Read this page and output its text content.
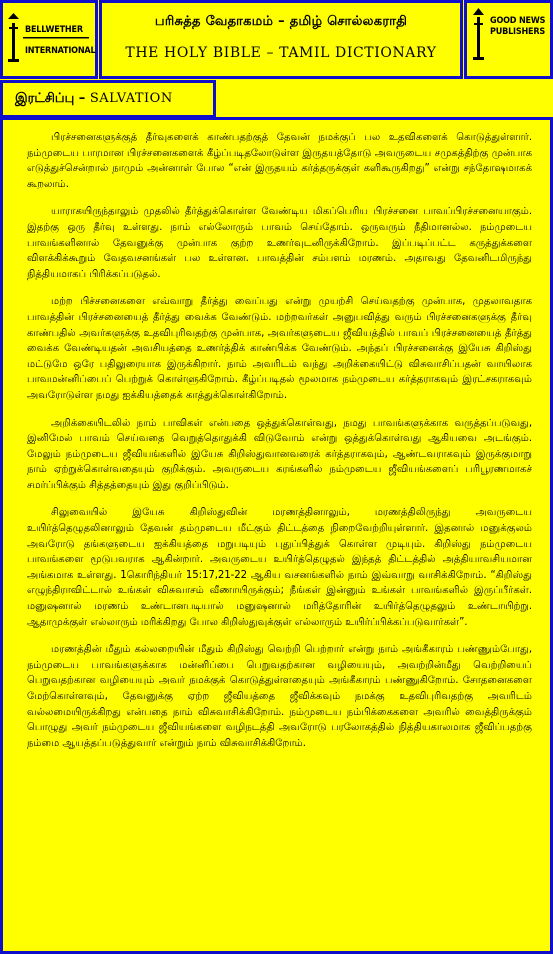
BELLWETHER
INTERNATIONAL
பரிசுத்த வேதாகமம் – தமிழ் சொல்லகராதி
THE HOLY BIBLE – TAMIL DICTIONARY
GOOD NEWS PUBLISHERS
இரட்சிப்பு – SALVATION

பிரச்சனைகளுக்குத் தீர்வுகளைக் காண்பதற்குத் தேவன் நமக்குப் பல உதவிகளைக் கொடுத்துள்ளார். நம்முடைய பாரமான பிரச்சனைகளைக் கீழ்ப்படிதலோடுள்ள இருதயத்தோடு அவருடைய சமுகத்திற்கு முன்பாக எடுத்துச்சென்றால் நாமும் அன்னாள் போல “என் இருதயம் கர்த்தருக்குள் களிகூருகிறது” என்று சந்தோஷமாகக் கூறலாம்.

யாராகயிருந்தாலும் முதலில் தீர்த்துக்கொள்ள வேண்டிய மிகப்பெரிய பிரச்சனை பாவப்பிரச்சனையாகும். இதற்கு ஒரு தீர்வு உள்ளது. நாம் எல்லோரும் பாவம் செய்தோம். ஒருவரும் நீதிமானல்ல. நம்முடைய பாவங்களினால் தேவனுக்கு முன்பாக குற்ற உணர்வுடனிருக்கிறோம். இப்படிப்பட்ட கருத்துக்களை விளக்கிக்கூறும் வேதவசனங்கள் பல உள்ளன. பாவத்தின் சம்பளம் மரணம். அதாவது தேவனிடமிருந்து நித்தியமாகப் பிரிக்கப்படுதல்.

மற்ற பிச்சனைகளை எவ்வாறு தீர்த்து வைப்பது என்று முயற்சி செய்வதற்கு முன்பாக, முதலாவதாக பாவத்தின் பிரச்சனையைத் தீர்த்து வைக்க வேண்டும். மற்றவர்கள் அனுபவித்து வரும் பிரச்சனைகளுக்கு தீர்வு காண்பதில் அவர்களுக்கு உதவிபுரிவதற்கு முன்பாக, அவர்களுடைய ஜீவியத்தில் பாவப் பிரச்சனையைத் தீர்த்து வைக்க வேண்டியதன் அவசியத்தை உணர்த்திக் காண்பிக்க வேண்டும். அந்தப் பிரச்சனைக்கு இயேசு கிறிஸ்து மட்டுமே ஒரே பதிலுரையாக இருக்கிறார். நாம் அவரிடம் வந்து அறிக்கையிட்டு விசுவாசிப்பதன் வாயிலாக பாவமன்னிப்பைப் பெற்றுக் கொள்ளுகிறோம். கீழ்ப்படிதல் மூலமாக நம்முடைய கர்த்தராகவும் இரட்சகராகவும் அவரோடுள்ள நமது ஐக்கியத்தைக் காத்துக்கொள்கிறோம்.

அறிக்கையிடலில் நாம் பாவிகள் என்பதை ஒத்துக்கொள்வது, நமது பாவங்களுக்காக வருத்தப்படுவது, இனிமேல் பாவம் செய்வதை வெறுத்தொதுக்கி விடுவோம் என்று ஒத்துக்கொள்வது ஆகியவை அடங்கும். மேலும் நம்முடைய ஜீவியங்களில் இயேசு கிறிஸ்துவானவரைக் கர்த்தராகவும், ஆண்டவராகவும் இருக்குமாறு நாம் ஏற்றுக்கொள்வதையும் குறிக்கும். அவருடைய கரங்களில் நம்முடைய ஜீவியங்களைப் பரிபூரணமாகச் சமர்ப்பிக்கும் சித்தத்தையும் இது குறிப்பிடும்.

சிலுவையில் இயேசு கிறிஸ்துவின் மரணத்தினாலும், மரணத்திலிருந்து அவருடைய உயிர்த்தெழுதலினாலும் தேவன் தம்முடைய மீட்கும் திட்டத்தை நிறைவேற்றியுள்ளார். இதனால் மனுக்குலம் அவரோடு தங்களுடைய ஐக்கியத்தை மறுபடியும் புதுப்பித்துக் கொள்ள முடியும். கிறிஸ்து நம்முடைய பாவங்களை மூடுபவராக ஆகின்றார். அவருடைய உயிர்த்தெழுதல் இந்தத் திட்டத்தில் அத்தியாவசியமான அங்கமாக உள்ளது. 1கொரிந்தியர் 15:17,21-22 ஆகிய வசனங்களில் நாம் இவ்வாறு வாசிக்கிறோம். “கிறிஸ்து எழுந்திராவிட்டால் உங்கள் விசுவாசம் வீணாயிருக்கும்; நீங்கள் இன்னும் உங்கள் பாவங்களில் இருப்பீர்கள். மனுஷனால் மரணம் உண்டானபடியால் மனுஷனால் மரித்தோரின் உயிர்த்தெழுதலும் உண்டாயிற்று. ஆதாமுக்குள் எல்லாரும் மரிக்கிறது போல கிறிஸ்துவுக்குள் எல்லாரும் உயிர்ப்பிக்கப்படுவார்கள்”.

மரணத்தின் மீதும் கல்லறையின் மீதும் கிறிஸ்து வெற்றி பெற்றார் என்று நாம் அங்கீகாரம் பண்ணும்போது, நம்முடைய பாவங்களுக்காக மன்னிப்பை பெறுவதற்கான வழியையும், அவற்றின்மீது வெற்றியைப் பெறுவதற்கான வழியையும் அவர் நமக்குக் கொடுத்துள்ளதையும் அங்கீகாரம் பண்ணுகிறோம். சோதனைகளை மேற்கொள்ளவும், தேவனுக்கு ஏற்ற ஜீவியத்தை ஜீவிக்கவும் நமக்கு உதவிபுரிவதற்கு அவரிடம் வல்லமையிருக்கிறது என்பதை நாம் விசுவாசிக்கிறோம். நம்முடைய நம்பிக்கைகளை அவரில் வைத்திருக்கும் பொழுது அவர் நம்முடைய ஜீவியங்களை வழிநடத்தி அவரோடு பரலோகத்தில் நித்தியகாலமாக ஜீவிப்பதற்கு நம்மை ஆயத்தப்படுத்துவார் என்றும் நாம் விசுவாசிக்கிறோம்.
